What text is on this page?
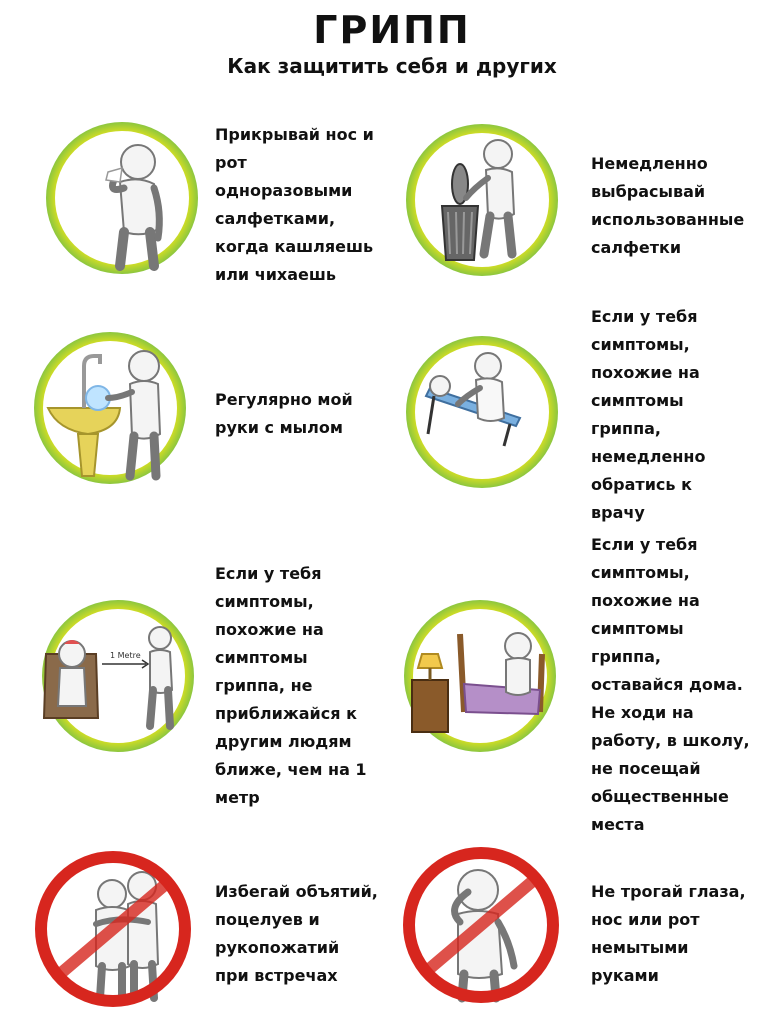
ГРИПП
Как защитить себя и других
Прикрывай нос и
рот
одноразовыми
салфетками,
когда кашляешь
или чихаешь
Немедленно
выбрасывай
использованные
салфетки
Регулярно мой
руки с мылом
Если у тебя
симптомы,
похожие на
симптомы
гриппа,
немедленно
обратись к
врачу
1 Metre
Если у тебя
симптомы,
похожие на
симптомы
гриппа, не
приближайся к
другим людям
ближе, чем на 1
метр
Если у тебя
симптомы,
похожие на
симптомы
гриппа,
оставайся дома.
Не ходи на
работу, в школу,
не посещай
общественные
места
Избегай объятий,
поцелуев и
рукопожатий
при встречах
Не трогай глаза,
нос или рот
немытыми
руками
